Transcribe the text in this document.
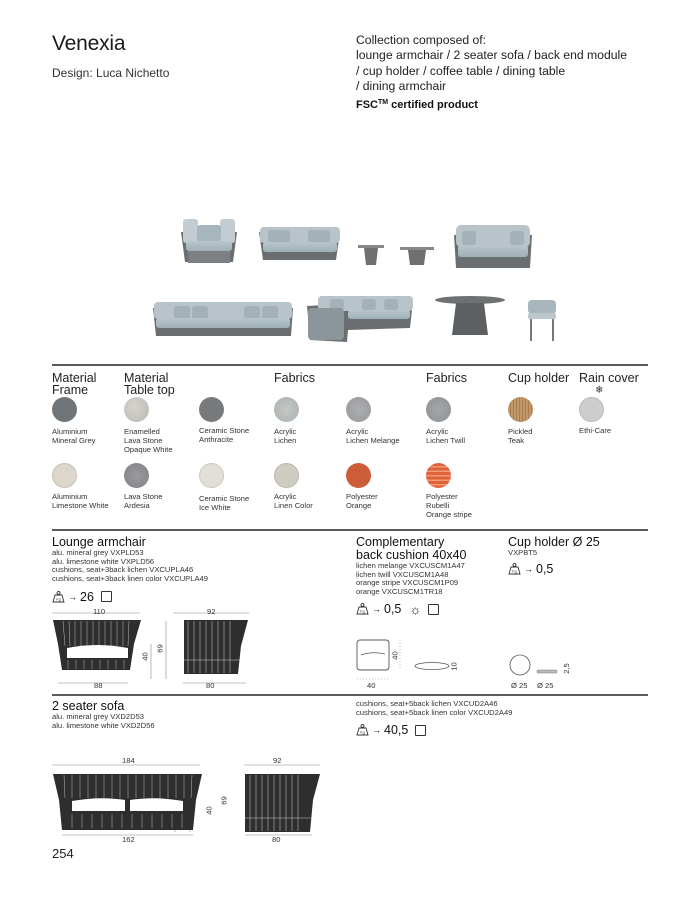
Venexia
Design: Luca Nichetto
Collection composed of:
lounge armchair / 2 seater sofa / back end module
/ cup holder / coffee table / dining table
/ dining armchair
FSC™ certified product
Material
Frame
Material
Table top
Fabrics	Fabrics	Cup holder Rain cover
❄
Aluminium
Mineral Grey
Enamelled
Lava Stone
Opaque White
Ceramic Stone
Anthracite
Acrylic
Lichen
Acrylic
Lichen Melange
Acrylic
Lichen Twill
Pickled
Teak
Ethi-Care
Aluminium
Limestone White
Lava Stone
Ardesia
Ceramic Stone
Ice White
Acrylic
Linen Color
Polyester
Orange
Polyester
Rubelli
Orange stripe
Lounge armchair
alu. mineral grey VXPLD53
alu. limestone white VXPLD56
cushions, seat+3back lichen VXCUPLA46
cushions, seat+3back linen color VXCUPLA49
Kg → 26
110
88
92
80
40
69
Complementary
back cushion 40x40
lichen melange VXCUSCM1A47
lichen twill VXCUSCM1A48
orange stripe VXCUSCM1P09
orange VXCUSCM1TR18
Kg → 0,5 ☼
40
40
10
Cup holder Ø 25
VXPBT5
Kg → 0,5
Ø 25 Ø 25
2,5
2 seater sofa
alu. mineral grey VXD2D53
alu. limestone white VXD2D56
cushions, seat+5back lichen VXCUD2A46
cushions, seat+5back linen color VXCUD2A49
Kg → 40,5
184
162
92
80
40
69
254
